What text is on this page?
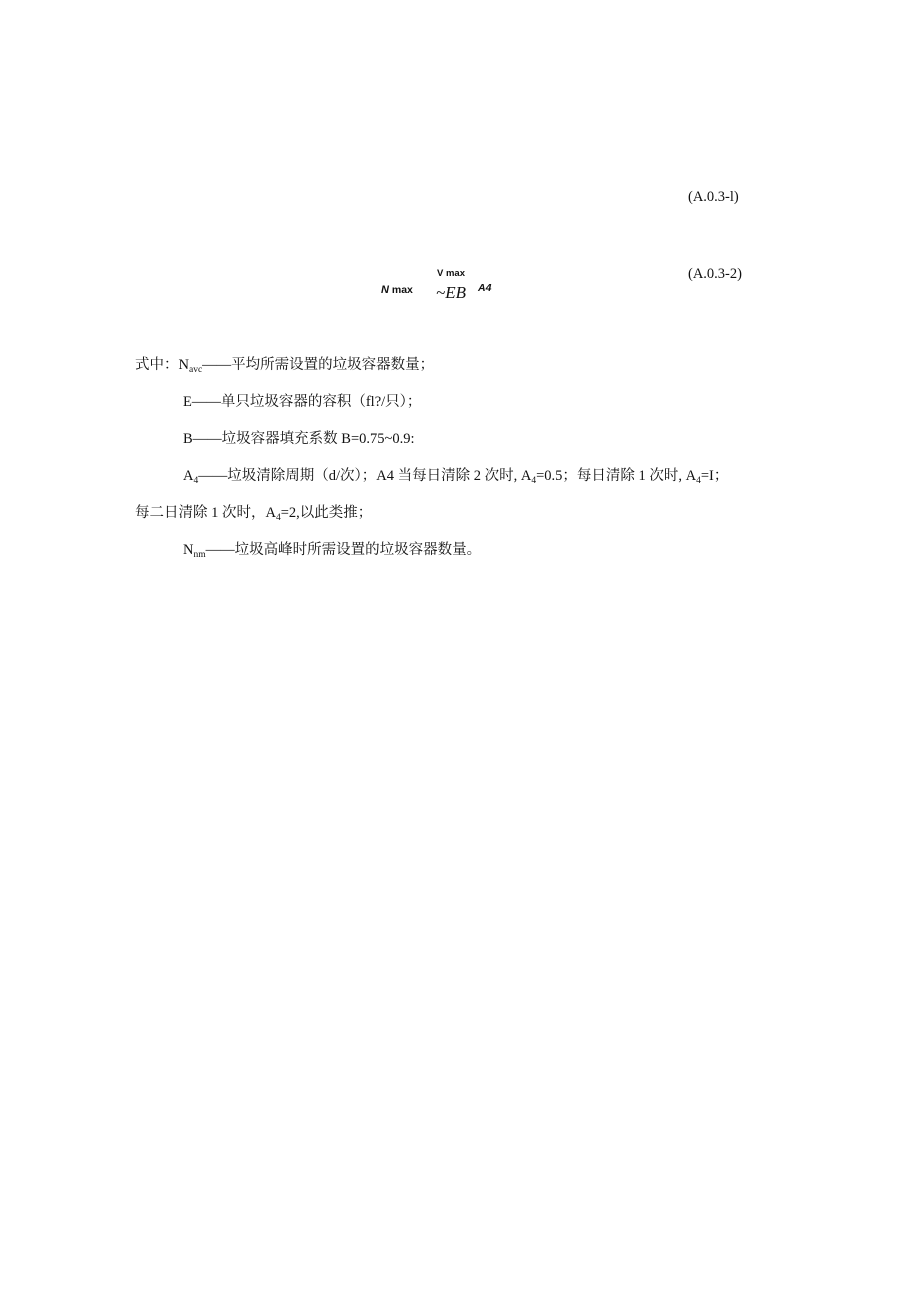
(A.0.3-l)
N max
V max
~EB A4
(A.0.3-2)
式中：$N_{avc}——$平均所需设置的垃圾容器数量；
E——单只垃圾容器的容积（fl?/只）；
B——垃圾容器填充系数 B=0.75~0.9:
$A_4——$垃圾清除周期（d/次）；A4 当每日清除 2 次时, $A_4=0.5$；每日清除 1 次时, $A_4=I$；
每二日清除 1 次时，$A_4=2$,以此类推；
$N_{nm}——$垃圾高峰时所需设置的垃圾容器数量。
